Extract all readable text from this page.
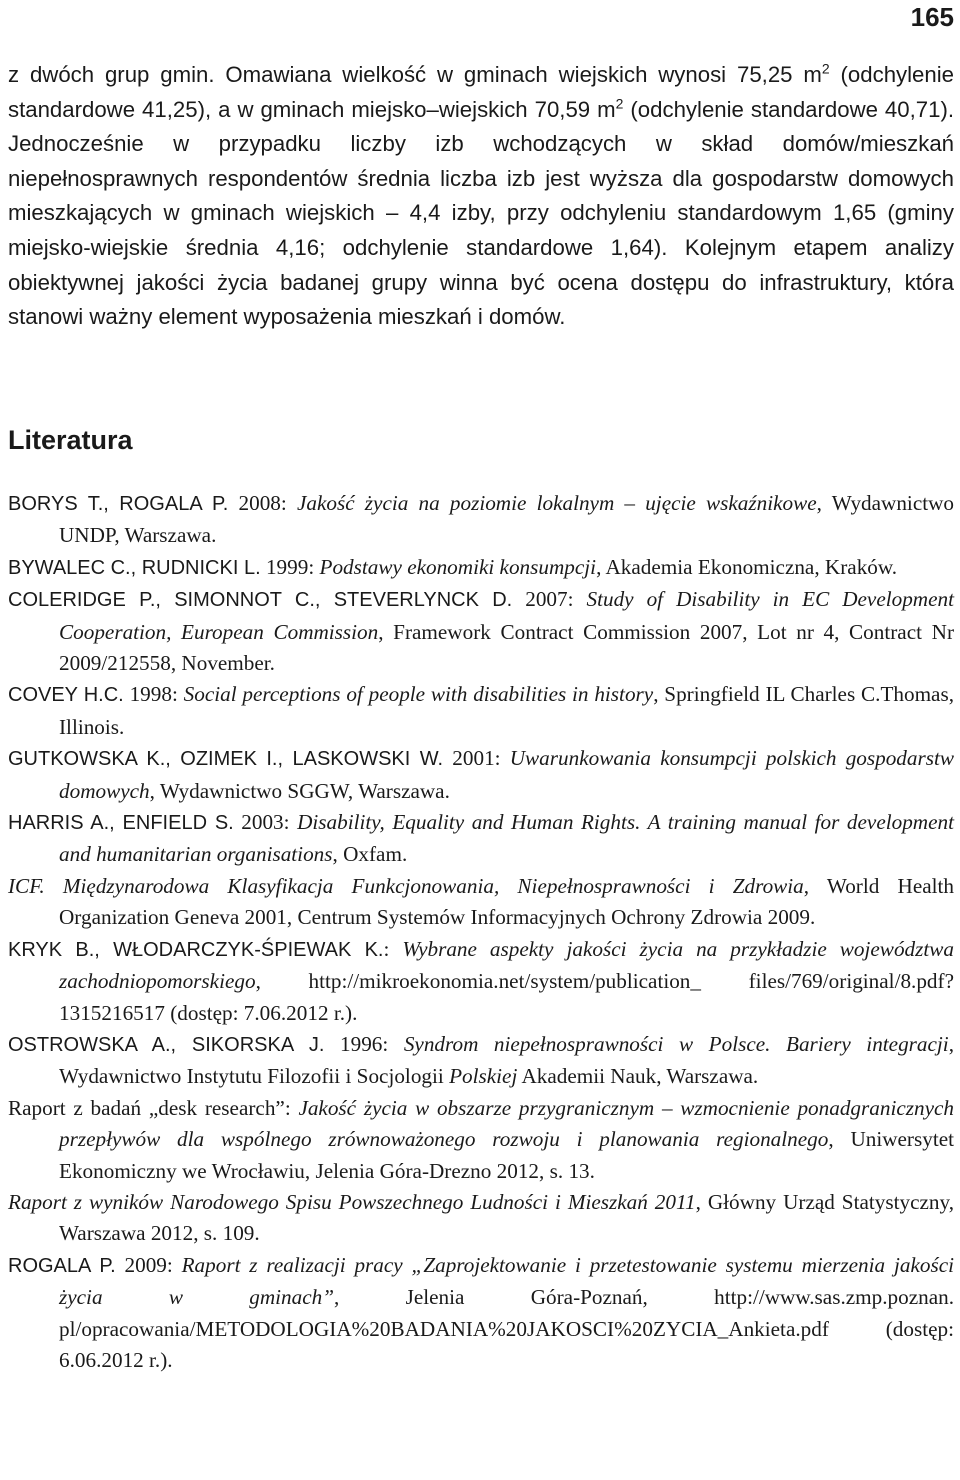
165
z dwóch grup gmin. Omawiana wielkość w gminach wiejskich wynosi 75,25 $m^2$ (odchylenie standardowe 41,25), a w gminach miejsko–wiejskich 70,59 $m^2$ (odchylenie standardowe 40,71). Jednocześnie w przypadku liczby izb wchodzących w skład domów/mieszkań niepełnosprawnych respondentów średnia liczba izb jest wyższa dla gospodarstw domowych mieszkających w gminach wiejskich – 4,4 izby, przy odchyleniu standardowym 1,65 (gminy miejsko-wiejskie średnia 4,16; odchylenie standardowe 1,64). Kolejnym etapem analizy obiektywnej jakości życia badanej grupy winna być ocena dostępu do infrastruktury, która stanowi ważny element wyposażenia mieszkań i domów.
Literatura
BORYS T., ROGALA P. 2008: Jakość życia na poziomie lokalnym – ujęcie wskaźnikowe, Wydawnictwo UNDP, Warszawa.
BYWALEC C., RUDNICKI L. 1999: Podstawy ekonomiki konsumpcji, Akademia Ekonomiczna, Kraków.
COLERIDGE P., SIMONNOT C., STEVERLYNCK D. 2007: Study of Disability in EC Development Cooperation, European Commission, Framework Contract Commission 2007, Lot nr 4, Contract Nr 2009/212558, November.
COVEY H.C. 1998: Social perceptions of people with disabilities in history, Springfield IL Charles C.Thomas, Illinois.
GUTKOWSKA K., OZIMEK I., LASKOWSKI W. 2001: Uwarunkowania konsumpcji polskich gospodarstw domowych, Wydawnictwo SGGW, Warszawa.
HARRIS A., ENFIELD S. 2003: Disability, Equality and Human Rights. A training manual for development and humanitarian organisations, Oxfam.
ICF. Międzynarodowa Klasyfikacja Funkcjonowania, Niepełnosprawności i Zdrowia, World Health Organization Geneva 2001, Centrum Systemów Informacyjnych Ochrony Zdrowia 2009.
KRYK B., WŁODARCZYK-ŚPIEWAK K.: Wybrane aspekty jakości życia na przykładzie województwa zachodniopomorskiego, http://mikroekonomia.net/system/publication_ files/769/original/8.pdf?1315216517 (dostęp: 7.06.2012 r.).
OSTROWSKA A., SIKORSKA J. 1996: Syndrom niepełnosprawności w Polsce. Bariery integracji, Wydawnictwo Instytutu Filozofii i Socjologii Polskiej Akademii Nauk, Warszawa.
Raport z badań „desk research”: Jakość życia w obszarze przygranicznym – wzmocnienie ponadgranicznych przepływów dla wspólnego zrównoważonego rozwoju i planowania regionalnego, Uniwersytet Ekonomiczny we Wrocławiu, Jelenia Góra-Drezno 2012, s. 13.
Raport z wyników Narodowego Spisu Powszechnego Ludności i Mieszkań 2011, Główny Urząd Statystyczny, Warszawa 2012, s. 109.
ROGALA P. 2009: Raport z realizacji pracy „Zaprojektowanie i przetestowanie systemu mierzenia jakości życia w gminach”, Jelenia Góra-Poznań, http://www.sas.zmp.poznan. pl/opracowania/METODOLOGIA%20BADANIA%20JAKOSCI%20ZYCIA_Ankieta.pdf (dostęp: 6.06.2012 r.).
